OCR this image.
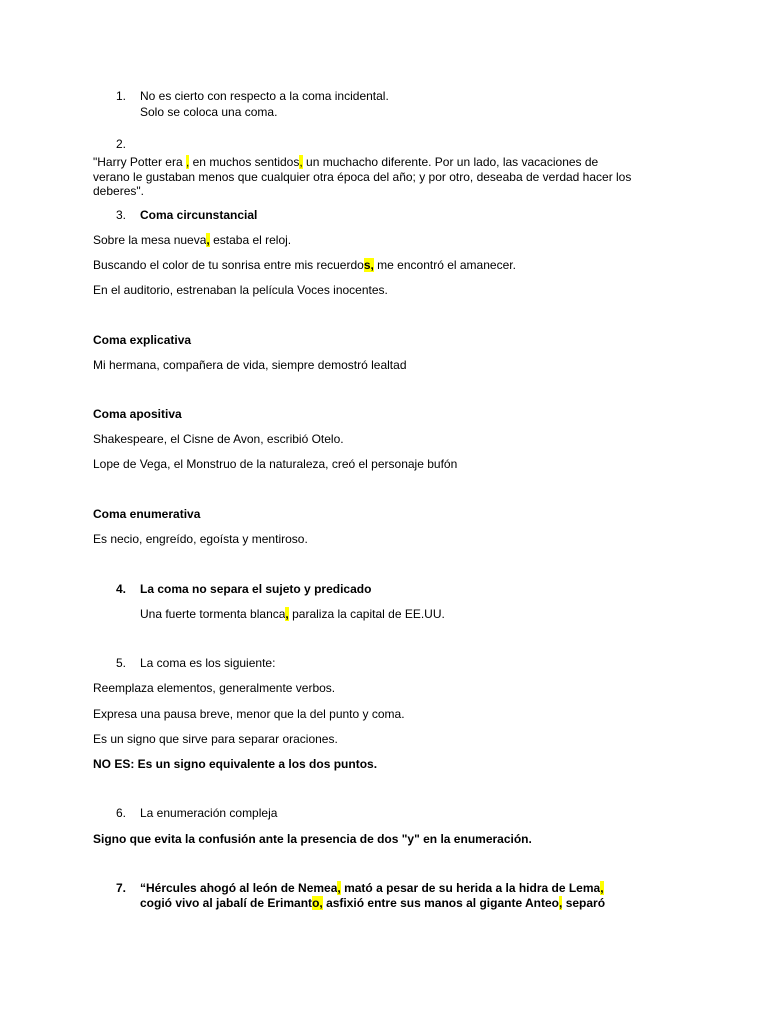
1. No es cierto con respecto a la coma incidental.
Solo se coloca una coma.
2.
"Harry Potter era , en muchos sentidos, un muchacho diferente. Por un lado, las vacaciones de
verano le gustaban menos que cualquier otra época del año; y por otro, deseaba de verdad hacer los
deberes".
3. Coma circunstancial
Sobre la mesa nueva, estaba el reloj.
Buscando el color de tu sonrisa entre mis recuerdos, me encontró el amanecer.
En el auditorio, estrenaban la película Voces inocentes.
Coma explicativa
Mi hermana, compañera de vida, siempre demostró lealtad
Coma apositiva
Shakespeare, el Cisne de Avon, escribió Otelo.
Lope de Vega, el Monstruo de la naturaleza, creó el personaje bufón
Coma enumerativa
Es necio, engreído, egoísta y mentiroso.
4. La coma no separa el sujeto y predicado
Una fuerte tormenta blanca, paraliza la capital de EE.UU.
5. La coma es los siguiente:
Reemplaza elementos, generalmente verbos.
Expresa una pausa breve, menor que la del punto y coma.
Es un signo que sirve para separar oraciones.
NO ES: Es un signo equivalente a los dos puntos.
6. La enumeración compleja
Signo que evita la confusión ante la presencia de dos "y" en la enumeración.
7. “Hércules ahogó al león de Nemea, mató a pesar de su herida a la hidra de Lema,
cogió vivo al jabalí de Erimanto, asfixió entre sus manos al gigante Anteo, separó
